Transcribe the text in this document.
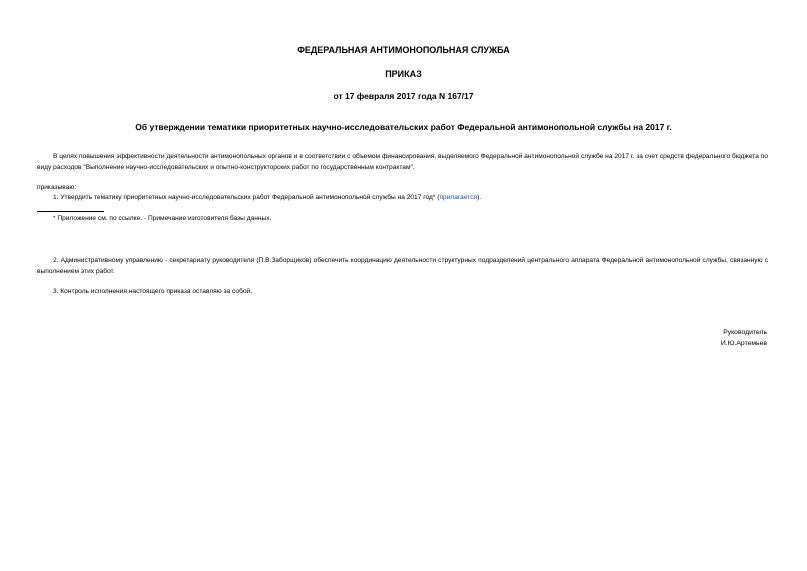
ФЕДЕРАЛЬНАЯ АНТИМОНОПОЛЬНАЯ СЛУЖБА
ПРИКАЗ
от 17 февраля 2017 года N 167/17
Об утверждении тематики приоритетных научно-исследовательских работ Федеральной антимонопольной службы на 2017 г.
В целях повышения эффективности деятельности антимонопольных органов и в соответствии с объемом финансирования, выделяемого Федеральной антимонопольной службе на 2017 г. за счет средств федерального бюджета по виду расходов "Выполнение научно-исследовательских и опытно-конструкторских работ по государственным контрактам",
приказываю:
1. Утвердить тематику приоритетных научно-исследовательских работ Федеральной антимонопольной службы на 2017 год* (прилагается).
* Приложение см. по ссылке. - Примечание изготовителя базы данных.
2. Административному управлению - секретариату руководителя (П.В.Заборщиков) обеспечить координацию деятельности структурных подразделений центрального аппарата Федеральной антимонопольной службы, связанную с выполнением этих работ.
3. Контроль исполнения настоящего приказа оставляю за собой.
Руководитель
И.Ю.Артемьев
